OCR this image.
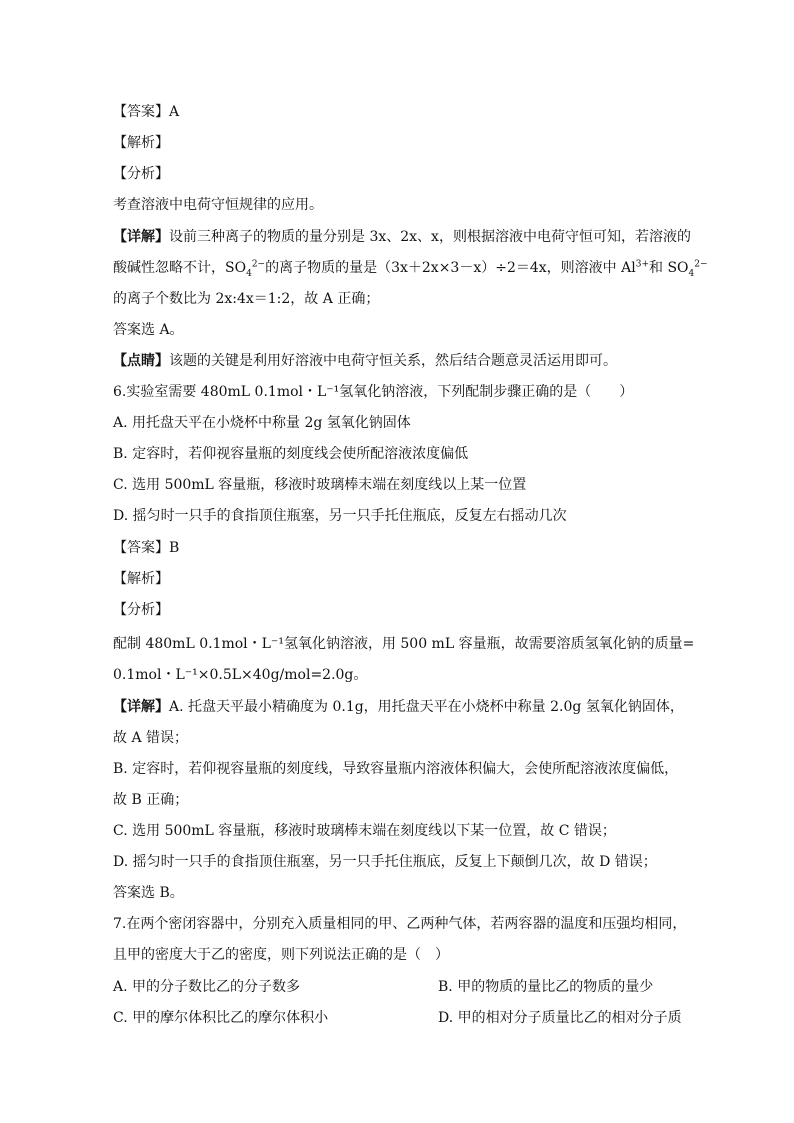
【答案】A
【解析】
【分析】
考查溶液中电荷守恒规律的应用。
【详解】设前三种离子的物质的量分别是 3x、2x、x，则根据溶液中电荷守恒可知，若溶液的
酸碱性忽略不计，$SO_4^{2-}$的离子物质的量是（3x＋2x×3－x）÷2＝4x，则溶液中 $Al^{3+}$和 $SO_4^{2-}$
的离子个数比为 2x:4x＝1:2，故 A 正确；
答案选 A。
【点睛】该题的关键是利用好溶液中电荷守恒关系，然后结合题意灵活运用即可。
6.实验室需要 480mL 0.1mol・L⁻¹氢氧化钠溶液，下列配制步骤正确的是（　　）
A. 用托盘天平在小烧杯中称量 2g 氢氧化钠固体
B. 定容时，若仰视容量瓶的刻度线会使所配溶液浓度偏低
C. 选用 500mL 容量瓶，移液时玻璃棒末端在刻度线以上某一位置
D. 摇匀时一只手的食指顶住瓶塞，另一只手托住瓶底，反复左右摇动几次
【答案】B
【解析】
【分析】
配制 480mL 0.1mol・L⁻¹氢氧化钠溶液，用 500 mL 容量瓶，故需要溶质氢氧化钠的质量=
0.1mol・L⁻¹×0.5L×40g/mol=2.0g。
【详解】A. 托盘天平最小精确度为 0.1g，用托盘天平在小烧杯中称量 2.0g 氢氧化钠固体，
故 A 错误；
B. 定容时，若仰视容量瓶的刻度线，导致容量瓶内溶液体积偏大，会使所配溶液浓度偏低，
故 B 正确；
C. 选用 500mL 容量瓶，移液时玻璃棒末端在刻度线以下某一位置，故 C 错误；
D. 摇匀时一只手的食指顶住瓶塞，另一只手托住瓶底，反复上下颠倒几次，故 D 错误；
答案选 B。
7.在两个密闭容器中，分别充入质量相同的甲、乙两种气体，若两容器的温度和压强均相同，
且甲的密度大于乙的密度，则下列说法正确的是（　）
A. 甲的分子数比乙的分子数多	B. 甲的物质的量比乙的物质的量少
C. 甲的摩尔体积比乙的摩尔体积小	D. 甲的相对分子质量比乙的相对分子质
